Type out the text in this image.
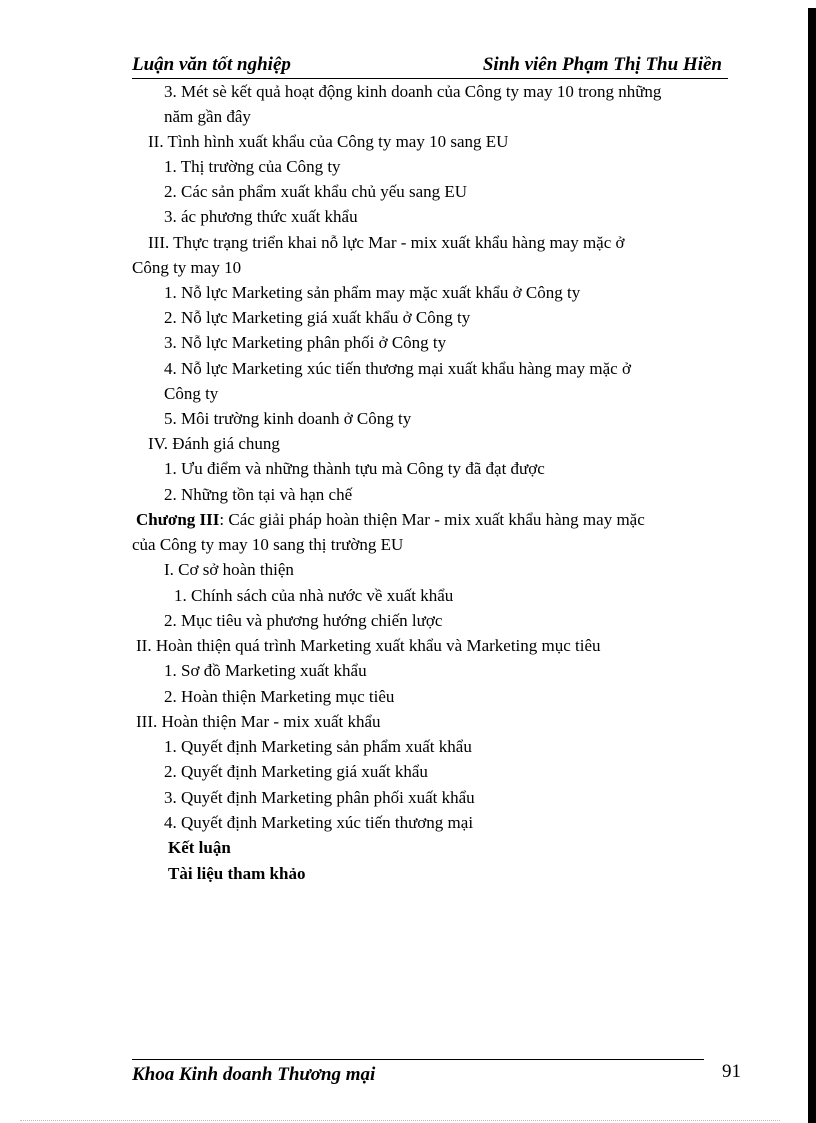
Luận văn tốt nghiệp	Sinh viên Phạm Thị Thu Hiền
3. Mét sè kết quả hoạt động kinh doanh của Công ty may 10 trong những
năm gần đây
II. Tình hình xuất khẩu của Công ty may 10 sang EU
1. Thị trường của Công ty
2. Các sản phẩm xuất khẩu chủ yếu sang EU
3. ác phương thức xuất khẩu
III. Thực trạng triển khai nỗ lực Mar - mix xuất khẩu hàng may mặc ở
Công ty may 10
1. Nỗ lực Marketing sản phẩm may mặc xuất khẩu ở Công ty
2. Nỗ lực Marketing giá xuất khẩu ở Công ty
3. Nỗ lực Marketing phân phối ở Công ty
4. Nỗ lực Marketing xúc tiến thương mại xuất khẩu hàng may mặc ở
Công ty
5. Môi trường kinh doanh ở Công ty
IV. Đánh giá chung
1. Ưu điểm và những thành tựu mà Công ty đã đạt được
2. Những tồn tại và hạn chế
Chương III: Các giải pháp hoàn thiện Mar - mix xuất khẩu hàng may mặc
của Công ty may 10 sang thị trường EU
I. Cơ sở hoàn thiện
1. Chính sách của nhà nước về xuất khẩu
2. Mục tiêu và phương hướng chiến lược
II. Hoàn thiện quá trình Marketing xuất khẩu và Marketing mục tiêu
1. Sơ đồ Marketing xuất khẩu
2. Hoàn thiện Marketing mục tiêu
III. Hoàn thiện Mar - mix xuất khẩu
1. Quyết định Marketing sản phẩm xuất khẩu
2. Quyết định Marketing giá xuất khẩu
3. Quyết định Marketing phân phối xuất khẩu
4. Quyết định Marketing xúc tiến thương mại
Kết luận
Tài liệu tham khảo
Khoa Kinh doanh Thương mại	91
